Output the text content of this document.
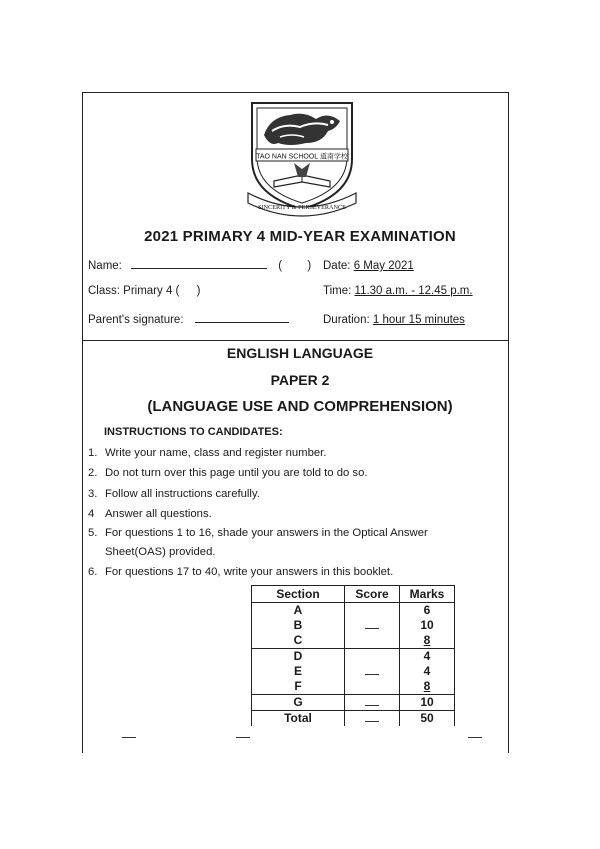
TAO NAN SCHOOL 道南学校
SINCERITY & PERSEVERANCE
2021 PRIMARY 4 MID-YEAR EXAMINATION
Name:	( ) Date: 6 May 2021
Class: Primary 4 ( )	Time: 11.30 a.m. - 12.45 p.m.
Parent's signature:	Duration: 1 hour 15 minutes
ENGLISH LANGUAGE
PAPER 2
(LANGUAGE USE AND COMPREHENSION)
INSTRUCTIONS TO CANDIDATES:
1. Write your name, class and register number.
2. Do not turn over this page until you are told to do so.
3. Follow all instructions carefully.
4 Answer all questions.
5. For questions 1 to 16, shade your answers in the Optical Answer
Sheet(OAS) provided.
6. For questions 17 to 40, write your answers in this booklet.
Section	Score	Marks
A		6
B		10
C		8
D		4
E		4
F		8
G		10
Total		50
